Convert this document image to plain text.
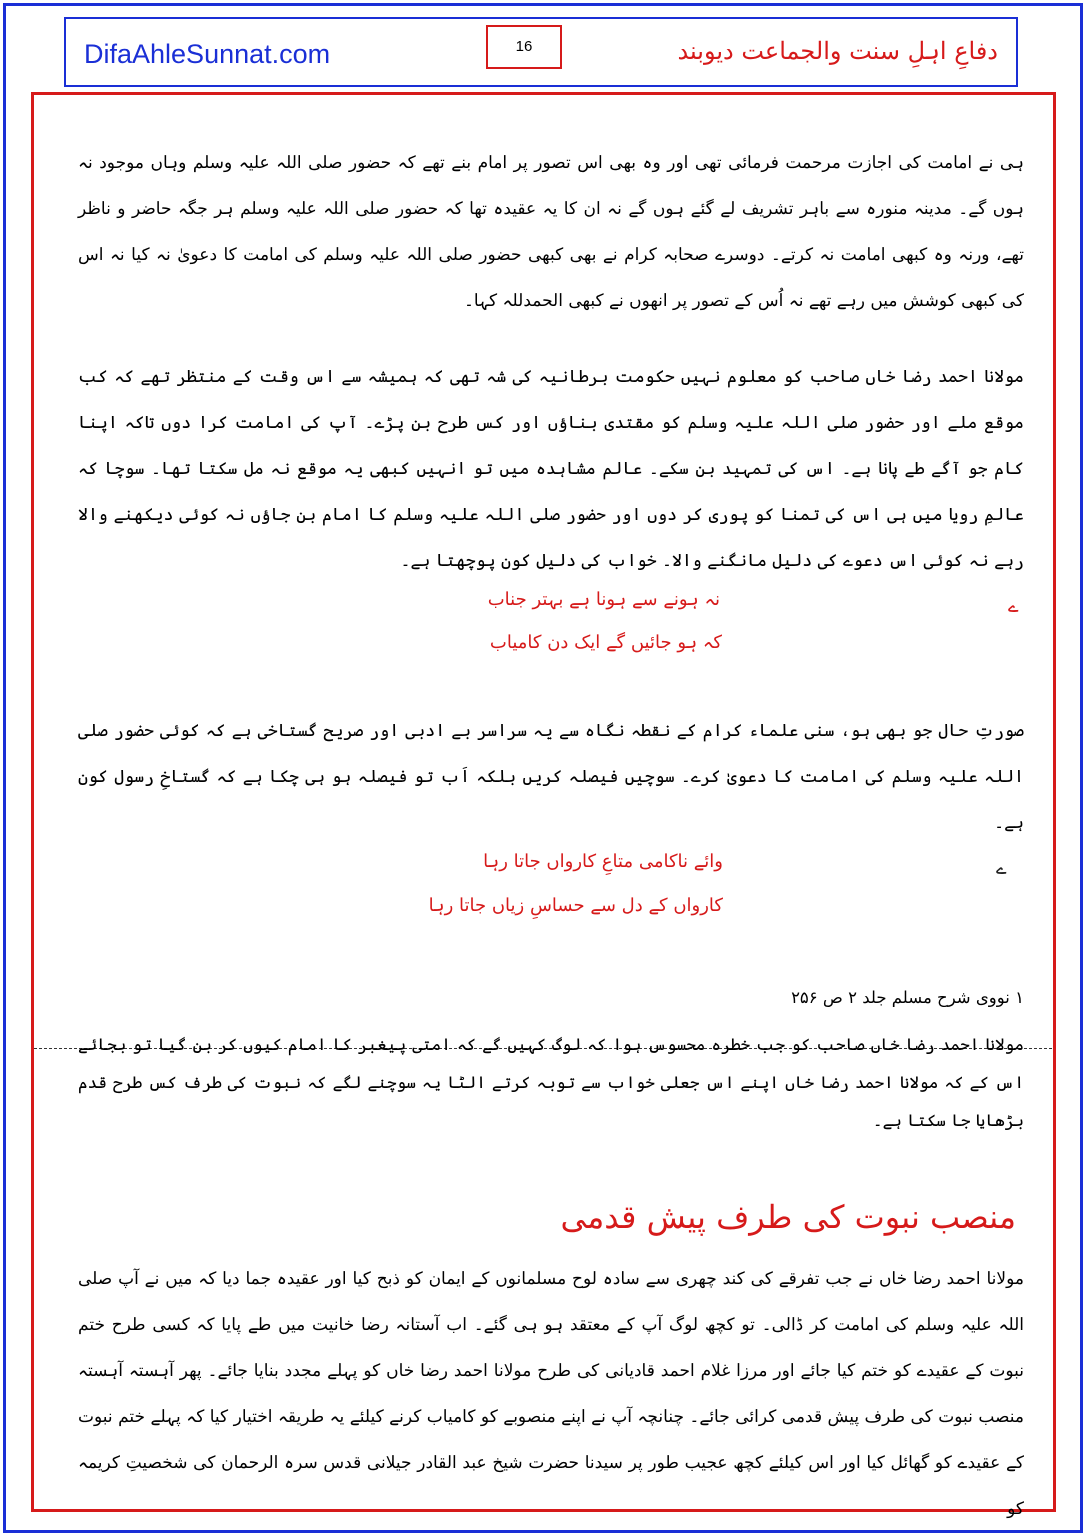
DifaAhleSunnat.com	16	دفاعِ اہلِ سنت والجماعت دیوبند
ہی نے امامت کی اجازت مرحمت فرمائی تھی اور وہ بھی اس تصور پر امام بنے تھے کہ حضور صلی اللہ علیہ وسلم وہاں موجود نہ ہوں گے۔ مدینہ منورہ سے باہر تشریف لے گئے ہوں گے نہ ان کا یہ عقیدہ تھا کہ حضور صلی اللہ علیہ وسلم ہر جگہ حاضر و ناظر تھے، ورنہ وہ کبھی امامت نہ کرتے۔ دوسرے صحابہ کرام نے بھی کبھی حضور صلی اللہ علیہ وسلم کی امامت کا دعویٰ نہ کیا نہ اس کی کبھی کوشش میں رہے تھے نہ اُس کے تصور پر انھوں نے کبھی الحمدللہ کہا۔
مولانا احمد رضا خاں صاحب کو معلوم نہیں حکومت برطانیہ کی شہ تھی کہ ہمیشہ سے اس وقت کے منتظر تھے کہ کب موقع ملے اور حضور صلی اللہ علیہ وسلم کو مقتدی بناؤں اور کس طرح بن پڑے۔ آپ کی امامت کرا دوں تاکہ اپنا کام جو آگے طے پانا ہے۔ اس کی تمہید بن سکے۔ عالم مشاہدہ میں تو انہیں کبھی یہ موقع نہ مل سکتا تھا۔ سوچا کہ عالمِ رویا میں ہی اس کی تمنا کو پوری کر دوں اور حضور صلی اللہ علیہ وسلم کا امام بن جاؤں نہ کوئی دیکھنے والا رہے نہ کوئی اس دعوے کی دلیل مانگنے والا۔ خواب کی دلیل کون پوچھتا ہے۔
ے
نہ ہونے سے ہونا ہے بہتر جناب
کہ ہو جائیں گے ایک دن کامیاب
صورتِ حال جو بھی ہو، سنی علماء کرام کے نقطہ نگاہ سے یہ سراسر بے ادبی اور صریح گستاخی ہے کہ کوئی حضور صلی اللہ علیہ وسلم کی امامت کا دعویٰ کرے۔ سوچیں فیصلہ کریں بلکہ اَب تو فیصلہ ہو ہی چکا ہے کہ گستاخِ رسول کون ہے۔
ے
وائے ناکامی متاعِ کارواں جاتا رہا
کارواں کے دل سے حساسِ زیاں جاتا رہا
۱ نووی شرح مسلم جلد ۲ ص ۲۵۶
مولانا احمد رضا خاں صاحب کو جب خطرہ محسوس ہوا کہ لوگ کہیں گے کہ امتی پیغبر کا امام کیوں کر بن گیا تو بجائے اس کے کہ مولانا احمد رضا خاں اپنے اس جعلی خواب سے توبہ کرتے الٹا یہ سوچنے لگے کہ نبوت کی طرف کس طرح قدم بڑھایا جا سکتا ہے۔
منصب نبوت کی طرف پیش قدمی
مولانا احمد رضا خاں نے جب تفرقے کی کند چھری سے سادہ لوح مسلمانوں کے ایمان کو ذبح کیا اور عقیدہ جما دیا کہ میں نے آپ صلی اللہ علیہ وسلم کی امامت کر ڈالی۔ تو کچھ لوگ آپ کے معتقد ہو ہی گئے۔ اب آستانہ رضا خانیت میں طے پایا کہ کسی طرح ختم نبوت کے عقیدے کو ختم کیا جائے اور مرزا غلام احمد قادیانی کی طرح مولانا احمد رضا خاں کو پہلے مجدد بنایا جائے۔ پھر آہستہ آہستہ منصب نبوت کی طرف پیش قدمی کرائی جائے۔ چنانچہ آپ نے اپنے منصوبے کو کامیاب کرنے کیلئے یہ طریقہ اختیار کیا کہ پہلے ختم نبوت کے عقیدے کو گھائل کیا اور اس کیلئے کچھ عجیب طور پر سیدنا حضرت شیخ عبد القادر جیلانی قدس سرہ الرحمان کی شخصیتِ کریمہ کو
